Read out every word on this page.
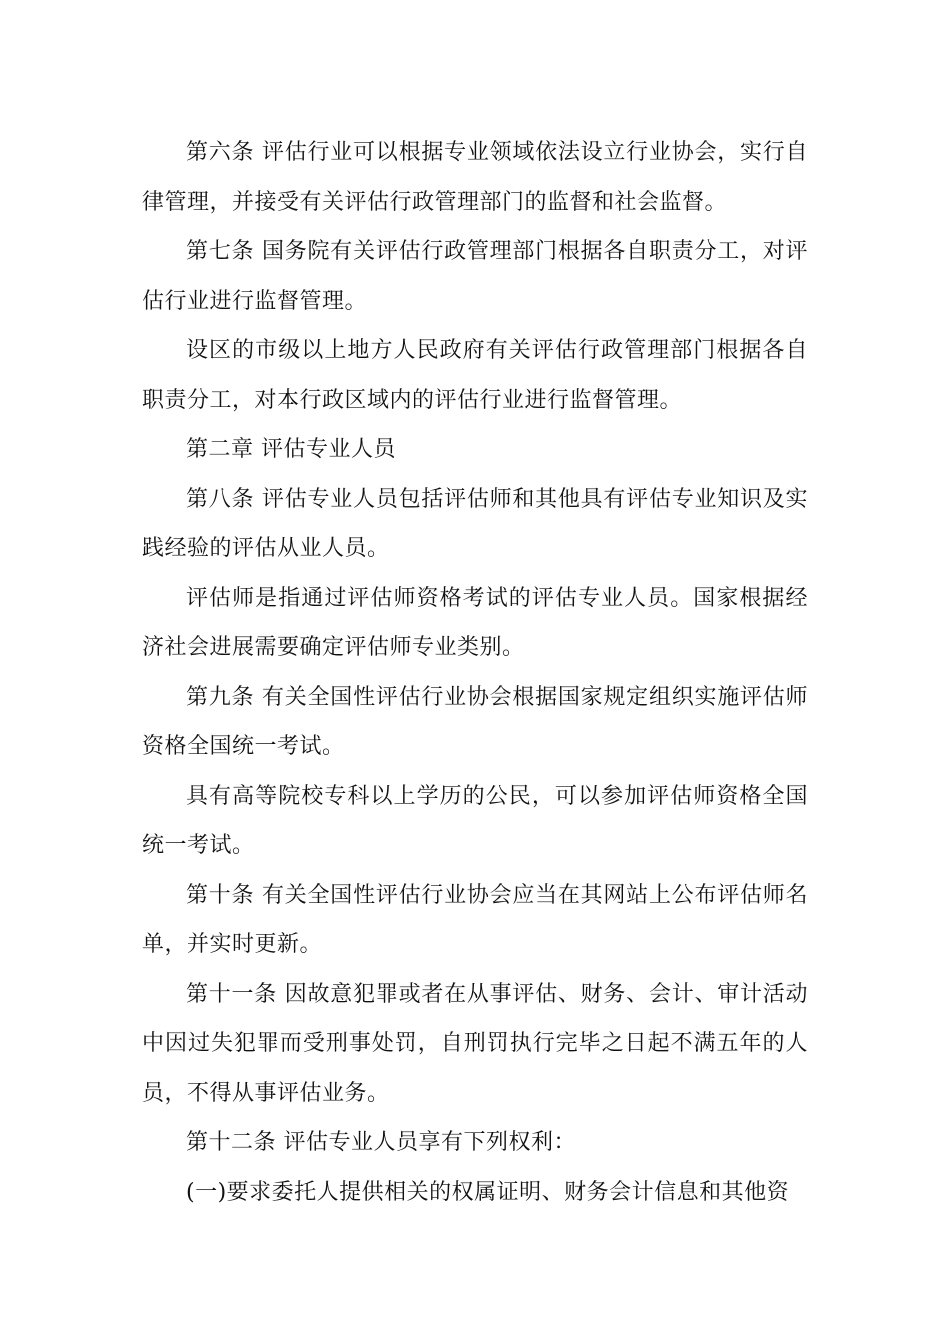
第六条 评估行业可以根据专业领域依法设立行业协会，实行自律管理，并接受有关评估行政管理部门的监督和社会监督。

第七条 国务院有关评估行政管理部门根据各自职责分工，对评估行业进行监督管理。

设区的市级以上地方人民政府有关评估行政管理部门根据各自职责分工，对本行政区域内的评估行业进行监督管理。

第二章 评估专业人员

第八条 评估专业人员包括评估师和其他具有评估专业知识及实践经验的评估从业人员。

评估师是指通过评估师资格考试的评估专业人员。国家根据经济社会进展需要确定评估师专业类别。

第九条 有关全国性评估行业协会根据国家规定组织实施评估师资格全国统一考试。

具有高等院校专科以上学历的公民，可以参加评估师资格全国统一考试。

第十条 有关全国性评估行业协会应当在其网站上公布评估师名单，并实时更新。

第十一条 因故意犯罪或者在从事评估、财务、会计、审计活动中因过失犯罪而受刑事处罚，自刑罚执行完毕之日起不满五年的人员，不得从事评估业务。

第十二条 评估专业人员享有下列权利：

(一)要求委托人提供相关的权属证明、财务会计信息和其他资
